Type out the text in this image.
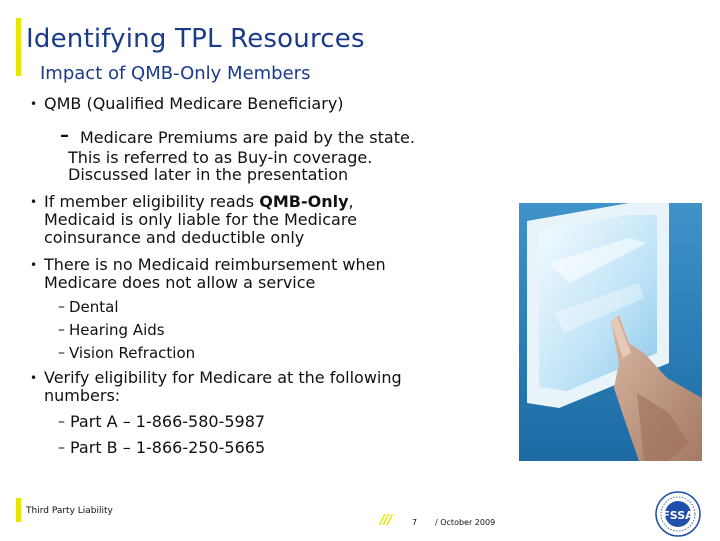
Identifying TPL Resources
Impact of QMB-Only Members
• QMB (Qualified Medicare Beneficiary)
– Medicare Premiums are paid by the state.
This is referred to as Buy-in coverage.
Discussed later in the presentation
• If member eligibility reads QMB-Only,
Medicaid is only liable for the Medicare
coinsurance and deductible only
• There is no Medicaid reimbursement when
Medicare does not allow a service
– Dental
– Hearing Aids
– Vision Refraction
• Verify eligibility for Medicare at the following
numbers:
– Part A – 1-866-580-5987
– Part B – 1-866-250-5665
Third Party Liability
///	7 / October 2009
FSSA
